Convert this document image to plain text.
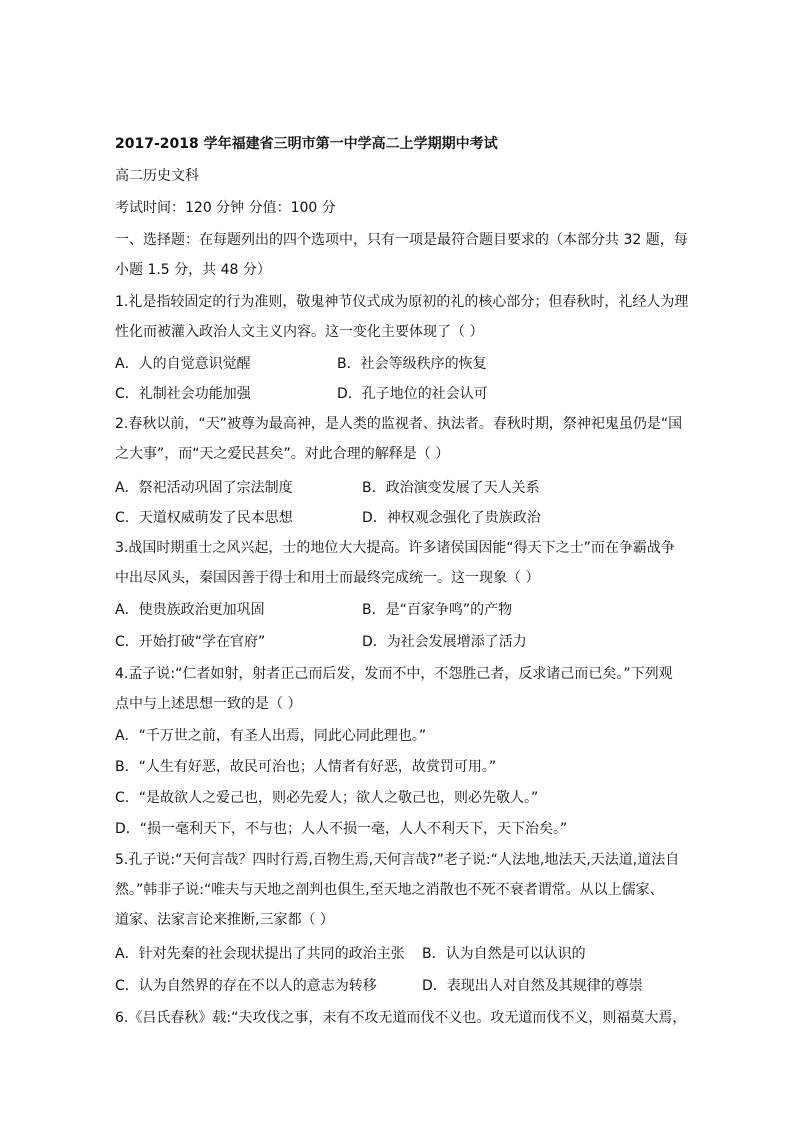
2017-2018 学年福建省三明市第一中学高二上学期期中考试
高二历史文科
考试时间：120 分钟 分值：100 分
一、选择题：在每题列出的四个选项中，只有一项是最符合题目要求的（本部分共 32 题，每
小题 1.5 分，共 48 分）
1.礼是指较固定的行为准则，敬鬼神节仪式成为原初的礼的核心部分；但春秋时，礼经人为理
性化而被灌入政治人文主义内容。这一变化主要体现了（ ）
A．人的自觉意识觉醒	B．社会等级秩序的恢复
C．礼制社会功能加强	D．孔子地位的社会认可
2.春秋以前，“天”被尊为最高神，是人类的监视者、执法者。春秋时期，祭神祀鬼虽仍是“国
之大事”，而“天之爱民甚矣”。对此合理的解释是（ ）
A．祭祀活动巩固了宗法制度	B．政治演变发展了天人关系
C．天道权威萌发了民本思想	D．神权观念强化了贵族政治
3.战国时期重士之风兴起，士的地位大大提高。许多诸侯国因能“得天下之士”而在争霸战争
中出尽风头，秦国因善于得士和用士而最终完成统一。这一现象（ ）
A．使贵族政治更加巩固	B．是“百家争鸣”的产物
C．开始打破“学在官府”	D．为社会发展增添了活力
4.孟子说:“仁者如射，射者正己而后发，发而不中，不怨胜己者，反求诸己而已矣。”下列观
点中与上述思想一致的是（ ）
A．“千万世之前，有圣人出焉，同此心同此理也。”
B．“人生有好恶，故民可治也；人情者有好恶，故赏罚可用。”
C．“是故欲人之爱己也，则必先爱人；欲人之敬己也，则必先敬人。”
D．“损一毫利天下，不与也；人人不损一毫，人人不利天下，天下治矣。”
5.孔子说:“天何言哉？四时行焉,百物生焉,天何言哉?”老子说:“人法地,地法天,天法道,道法自
然。”韩非子说:“唯夫与天地之剖判也俱生,至天地之消散也不死不衰者谓常。从以上儒家、
道家、法家言论来推断,三家都（ ）
A．针对先秦的社会现状提出了共同的政治主张 B．认为自然是可以认识的
C．认为自然界的存在不以人的意志为转移	D．表现出人对自然及其规律的尊崇
6.《吕氏春秋》载:“夫攻伐之事，未有不攻无道而伐不义也。攻无道而伐不义，则福莫大焉，
